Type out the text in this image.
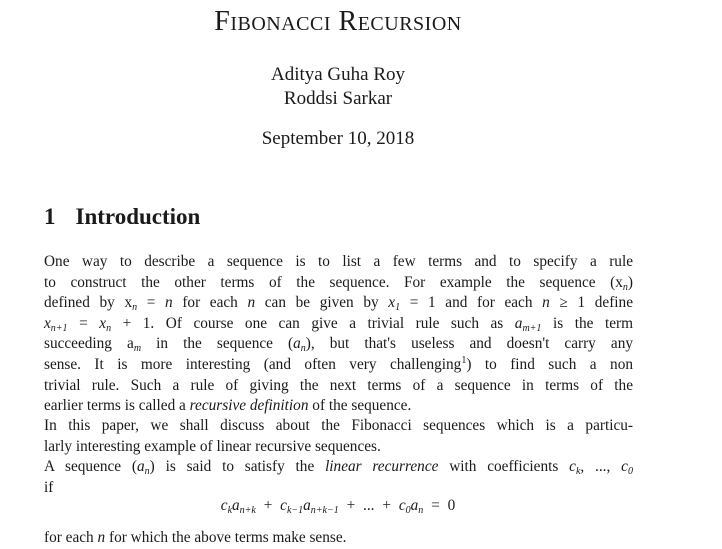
Fibonacci Recursion
Aditya Guha Roy
Roddsi Sarkar
September 10, 2018
1 Introduction
One way to describe a sequence is to list a few terms and to specify a rule
to construct the other terms of the sequence. For example the sequence $(x_n)$
defined by $x_n = n$ for each n can be given by $x_1 = 1$ and for each n ≥ 1 define
$x_{n+1} = x_n + 1$. Of course one can give a trivial rule such as $a_{m+1}$ is the term
succeeding $a_m$ in the sequence $(a_n)$, but that's useless and doesn't carry any
sense. It is more interesting (and often very challenging$^1$) to find such a non
trivial rule. Such a rule of giving the next terms of a sequence in terms of the
earlier terms is called a recursive definition of the sequence.
In this paper, we shall discuss about the Fibonacci sequences which is a particu-
larly interesting example of linear recursive sequences.
A sequence $(a_n)$ is said to satisfy the linear recurrence with coefficients $c_k$, ..., $c_0$
if
$c_ka_{n+k} + c_{k-1}a_{n+k-1}$ + ... + $c_0a_n = 0$
for each n for which the above terms make sense.
